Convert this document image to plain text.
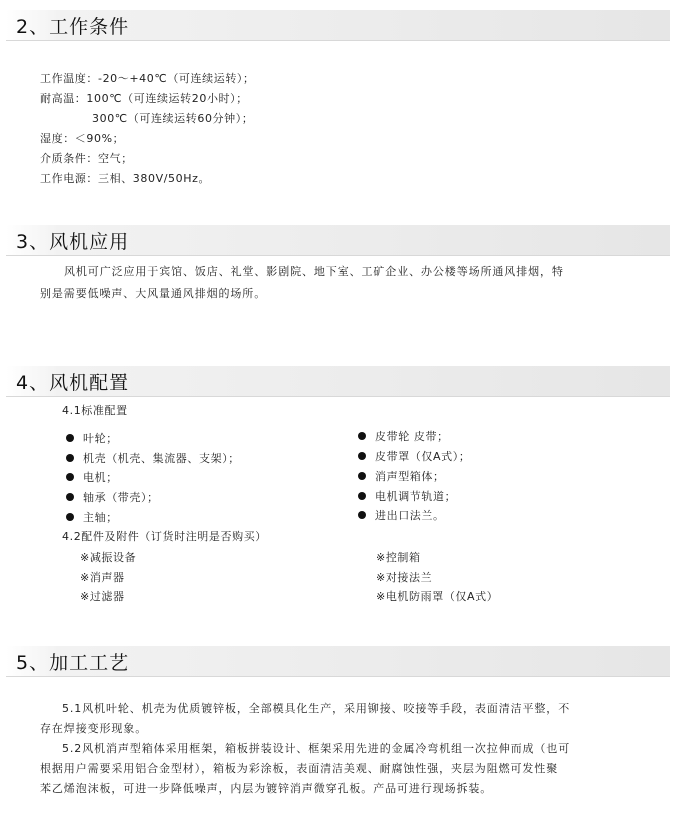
2、工作条件
工作温度：-20～+40℃（可连续运转）；
耐高温：100℃（可连续运转20小时）；
300℃（可连续运转60分钟）；
湿度：＜90%；
介质条件：空气；
工作电源：三相、380V/50Hz。
3、风机应用
风机可广泛应用于宾馆、饭店、礼堂、影剧院、地下室、工矿企业、办公楼等场所通风排烟，特
别是需要低噪声、大风量通风排烟的场所。
4、风机配置
4.1标准配置
叶轮；
机壳（机壳、集流器、支架）；
电机；
轴承（带壳）；
主轴；
皮带轮 皮带；
皮带罩（仅A式）；
消声型箱体；
电机调节轨道；
进出口法兰。
4.2配件及附件（订货时注明是否购买）
※减振设备
※消声器
※过滤器
※控制箱
※对接法兰
※电机防雨罩（仅A式）
5、加工工艺
5.1风机叶轮、机壳为优质镀锌板，全部模具化生产，采用铆接、咬接等手段，表面清洁平整，不
存在焊接变形现象。
5.2风机消声型箱体采用框架，箱板拼装设计、框架采用先进的金属冷弯机组一次拉伸而成（也可
根据用户需要采用铝合金型材），箱板为彩涂板，表面清洁美观、耐腐蚀性强，夹层为阻燃可发性聚
苯乙烯泡沫板，可进一步降低噪声，内层为镀锌消声微穿孔板。产品可进行现场拆装。
